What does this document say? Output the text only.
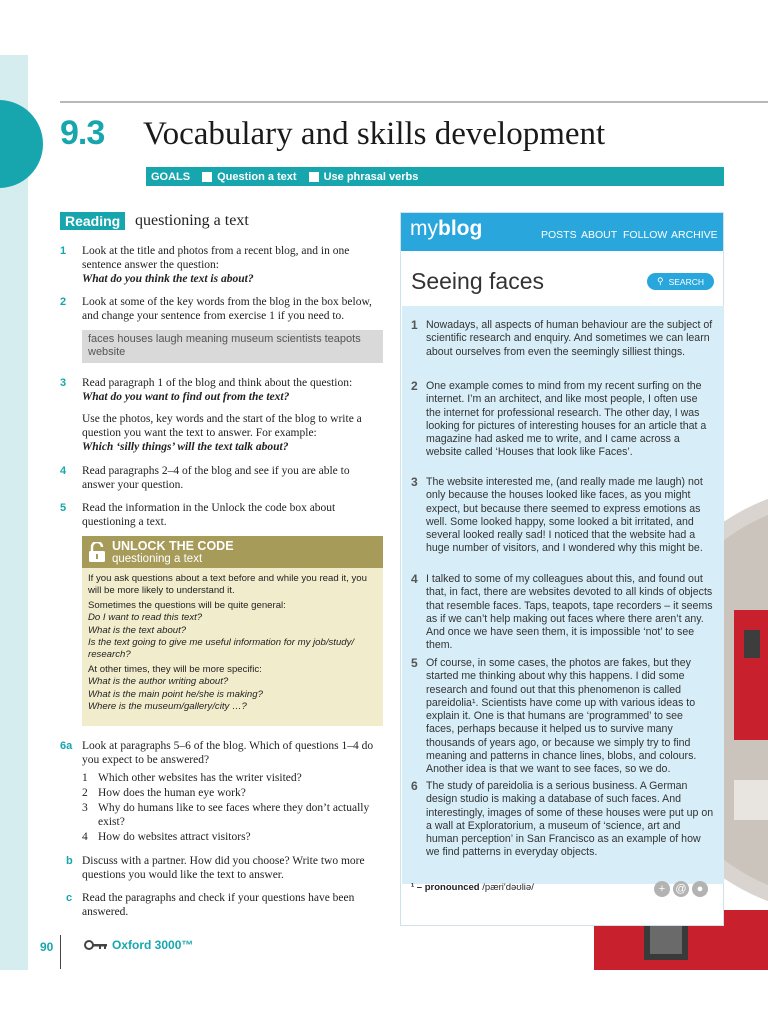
9.3 Vocabulary and skills development
GOALS Question a text Use phrasal verbs
Reading questioning a text
1 Look at the title and photos from a recent blog, and in one sentence answer the question:
What do you think the text is about?
2 Look at some of the key words from the blog in the box below, and change your sentence from exercise 1 if you need to.
faces houses laugh meaning museum scientists teapots website
3 Read paragraph 1 of the blog and think about the question:
What do you want to find out from the text?
Use the photos, key words and the start of the blog to write a question you want the text to answer. For example:
Which ‘silly things’ will the text talk about?
4 Read paragraphs 2–4 of the blog and see if you are able to answer your question.
5 Read the information in the Unlock the code box about questioning a text.
UNLOCK THE CODE
questioning a text

If you ask questions about a text before and while you read it, you will be more likely to understand it.

Sometimes the questions will be quite general:

Do I want to read this text?
What is the text about?
Is the text going to give me useful information for my job/study/ research?

At other times, they will be more specific:

What is the author writing about?
What is the main point he/she is making?
Where is the museum/gallery/city …?
6a Look at paragraphs 5–6 of the blog. Which of questions 1–4 do you expect to be answered?
1 Which other websites has the writer visited?
2 How does the human eye work?
3 Why do humans like to see faces where they don’t actually exist?
4 How do websites attract visitors?
b Discuss with a partner. How did you choose? Write two more questions you would like the text to answer.
c Read the paragraphs and check if your questions have been answered.
90	Oxford 3000™
myblog	POSTS ABOUT FOLLOW ARCHIVE
Seeing faces	⚲ SEARCH
1 Nowadays, all aspects of human behaviour are the subject of scientific research and enquiry. And sometimes we can learn about ourselves from even the seemingly silliest things.
2 One example comes to mind from my recent surfing on the internet. I’m an architect, and like most people, I often use the internet for professional research. The other day, I was looking for pictures of interesting houses for an article that a magazine had asked me to write, and I came across a website called ‘Houses that look like Faces’.
3 The website interested me, (and really made me laugh) not only because the houses looked like faces, as you might expect, but because there seemed to express emotions as well. Some looked happy, some looked a bit irritated, and several looked really sad! I noticed that the website had a huge number of visitors, and I wondered why this might be.
4 I talked to some of my colleagues about this, and found out that, in fact, there are websites devoted to all kinds of objects that resemble faces. Taps, teapots, tape recorders – it seems as if we can’t help making out faces where there aren’t any. And once we have seen them, it is impossible ‘not’ to see them.
5 Of course, in some cases, the photos are fakes, but they started me thinking about why this happens. I did some research and found out that this phenomenon is called pareidolia¹. Scientists have come up with various ideas to explain it. One is that humans are ‘programmed’ to see faces, perhaps because it helped us to survive many thousands of years ago, or because we simply try to find meaning and patterns in chance lines, blobs, and colours. Another idea is that we want to see faces, so we do.
6 The study of pareidolia is a serious business. A German design studio is making a database of such faces. And interestingly, images of some of these houses were put up on a wall at Exploratorium, a museum of ‘science, art and human perception’ in San Francisco as an example of how we find patterns in everyday objects.
¹ – pronounced /pæri'dəʊliə/	+ @ ●
